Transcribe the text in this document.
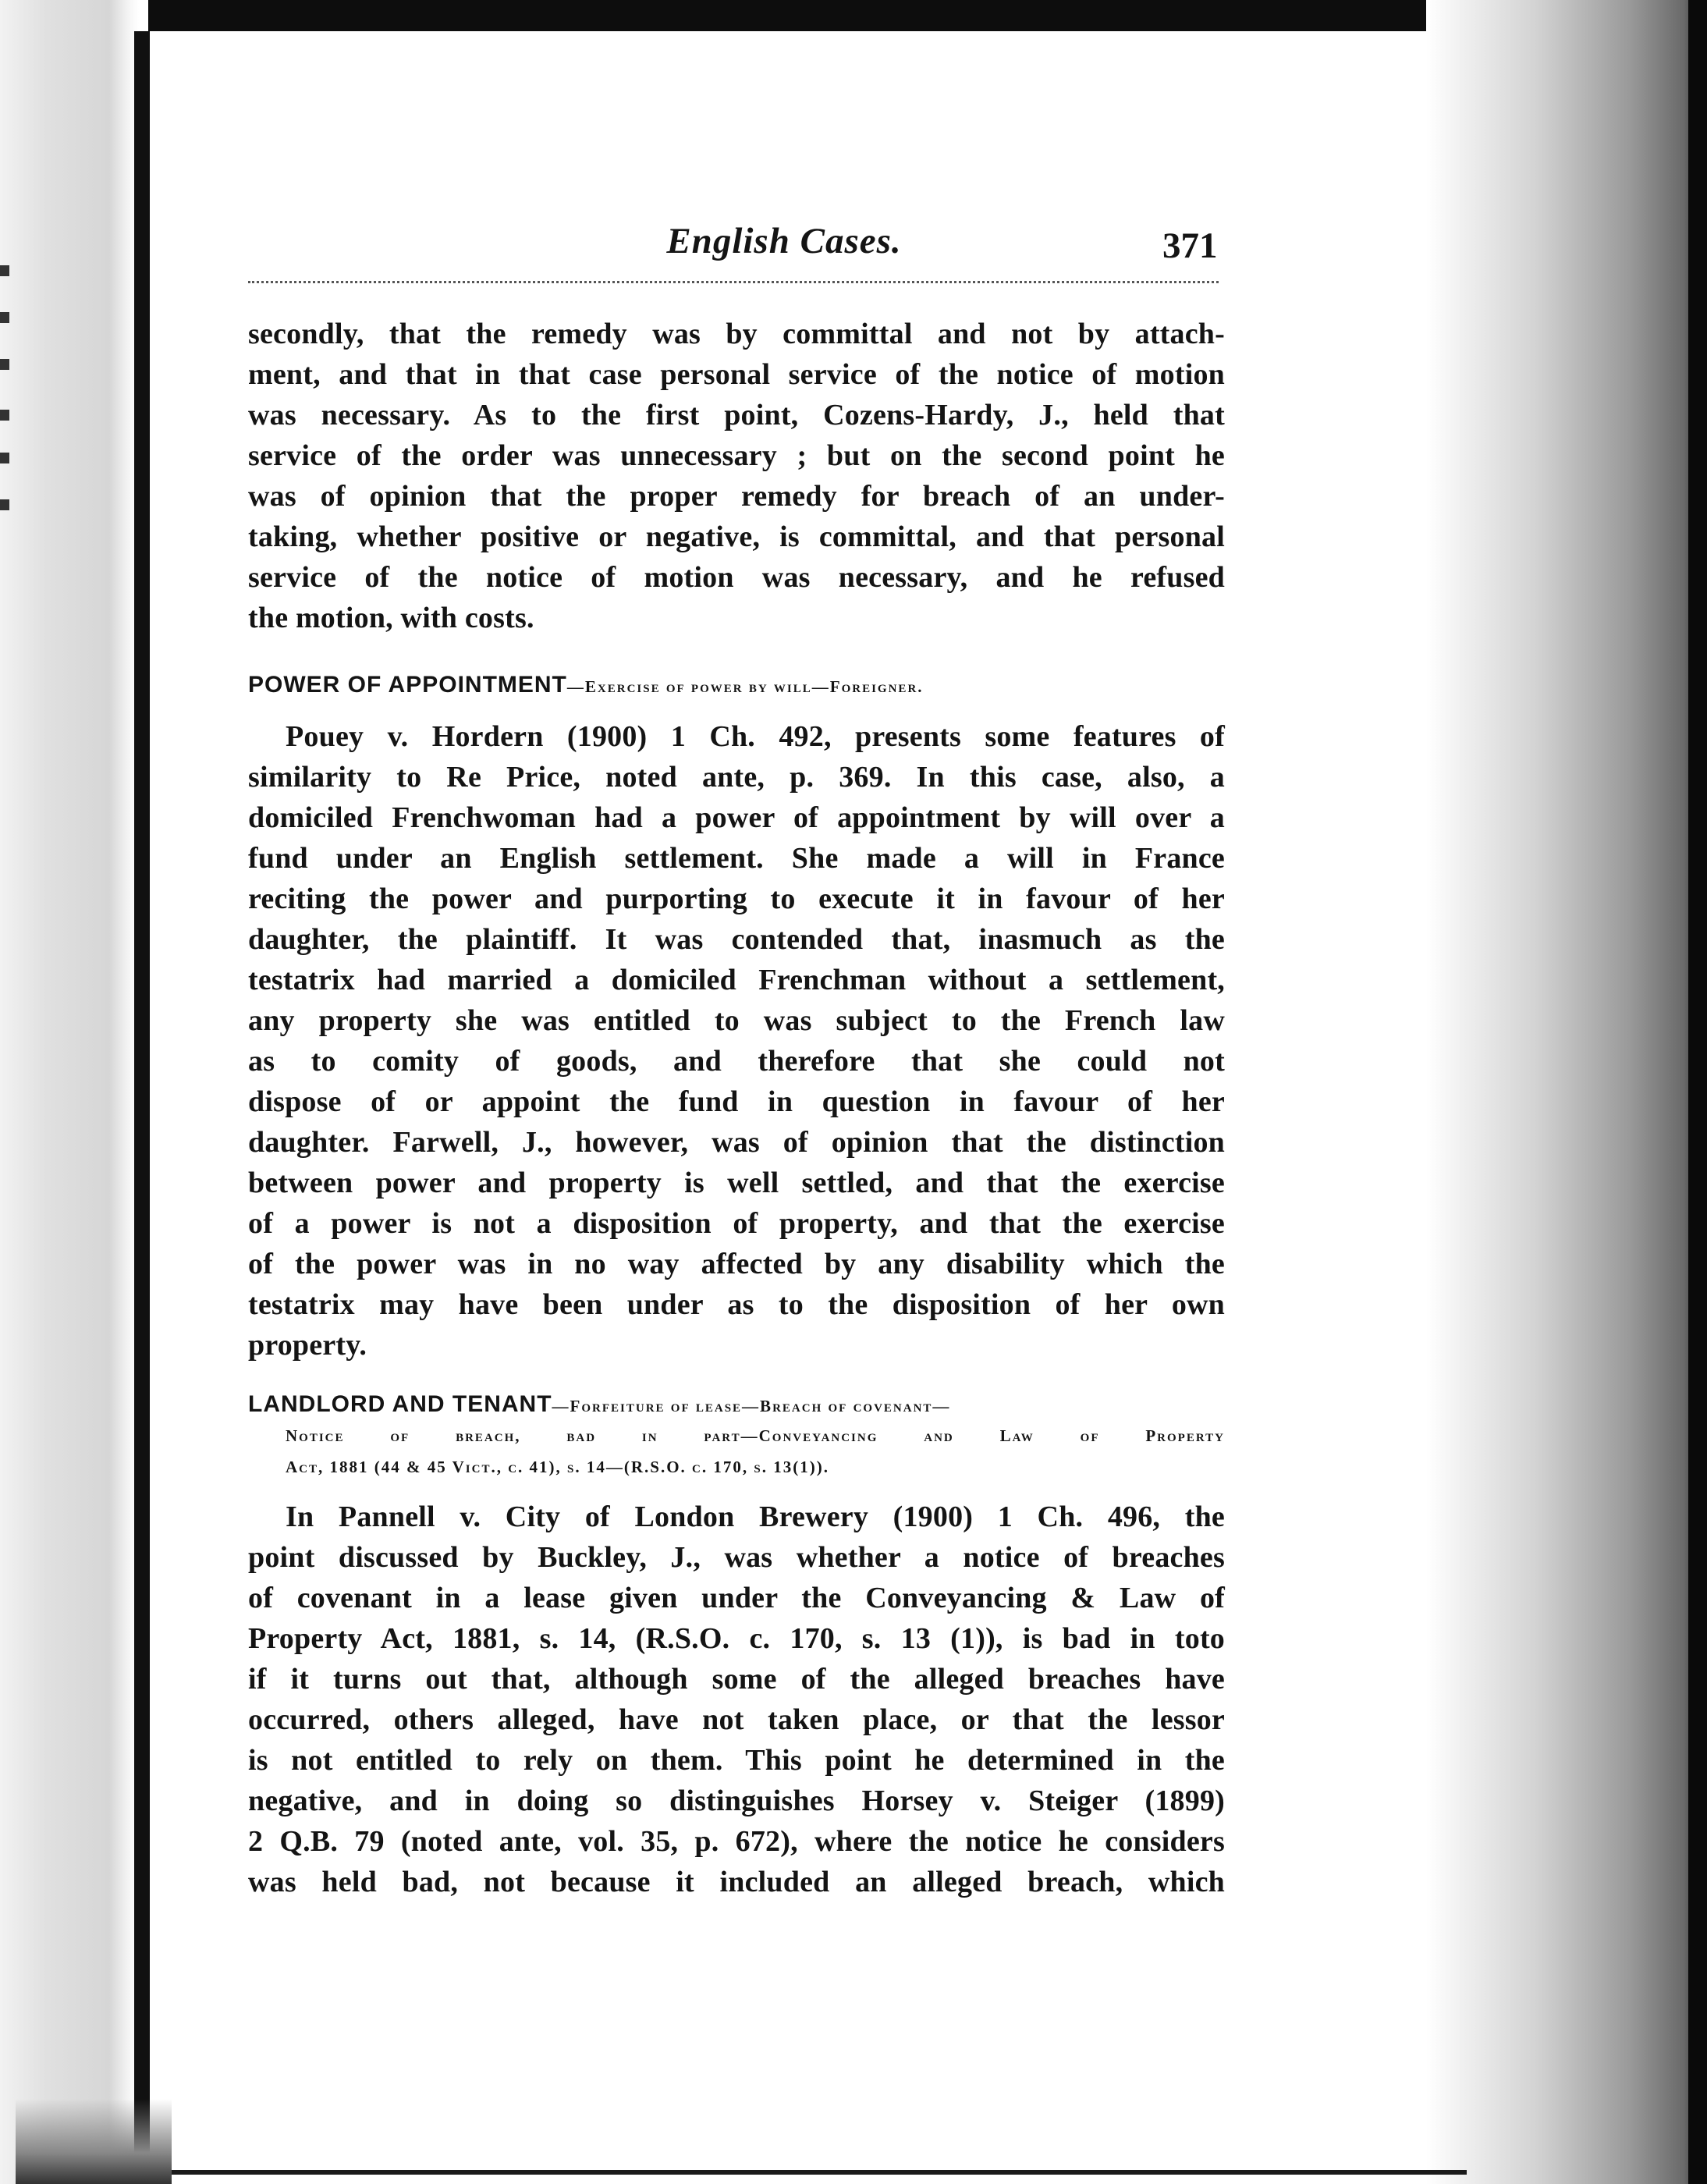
English Cases.	371
secondly, that the remedy was by committal and not by attach-
ment, and that in that case personal service of the notice of motion
was necessary. As to the first point, Cozens-Hardy, J., held that
service of the order was unnecessary ; but on the second point he
was of opinion that the proper remedy for breach of an under-
taking, whether positive or negative, is committal, and that personal
service of the notice of motion was necessary, and he refused
the motion, with costs.
POWER OF APPOINTMENT—Exercise of power by will—Foreigner.
Pouey v. Hordern (1900) 1 Ch. 492, presents some features of
similarity to Re Price, noted ante, p. 369. In this case, also, a
domiciled Frenchwoman had a power of appointment by will over a
fund under an English settlement. She made a will in France
reciting the power and purporting to execute it in favour of her
daughter, the plaintiff. It was contended that, inasmuch as the
testatrix had married a domiciled Frenchman without a settlement,
any property she was entitled to was subject to the French law
as to comity of goods, and therefore that she could not
dispose of or appoint the fund in question in favour of her
daughter. Farwell, J., however, was of opinion that the distinction
between power and property is well settled, and that the exercise
of a power is not a disposition of property, and that the exercise
of the power was in no way affected by any disability which the
testatrix may have been under as to the disposition of her own
property.
LANDLORD AND TENANT—Forfeiture of lease—Breach of covenant—
Notice of breach, bad in part—Conveyancing and Law of Property
Act, 1881 (44 & 45 Vict., c. 41), s. 14—(R.S.O. c. 170, s. 13(1)).
In Pannell v. City of London Brewery (1900) 1 Ch. 496, the
point discussed by Buckley, J., was whether a notice of breaches
of covenant in a lease given under the Conveyancing & Law of
Property Act, 1881, s. 14, (R.S.O. c. 170, s. 13 (1)), is bad in toto
if it turns out that, although some of the alleged breaches have
occurred, others alleged, have not taken place, or that the lessor
is not entitled to rely on them. This point he determined in the
negative, and in doing so distinguishes Horsey v. Steiger (1899)
2 Q.B. 79 (noted ante, vol. 35, p. 672), where the notice he considers
was held bad, not because it included an alleged breach, which
